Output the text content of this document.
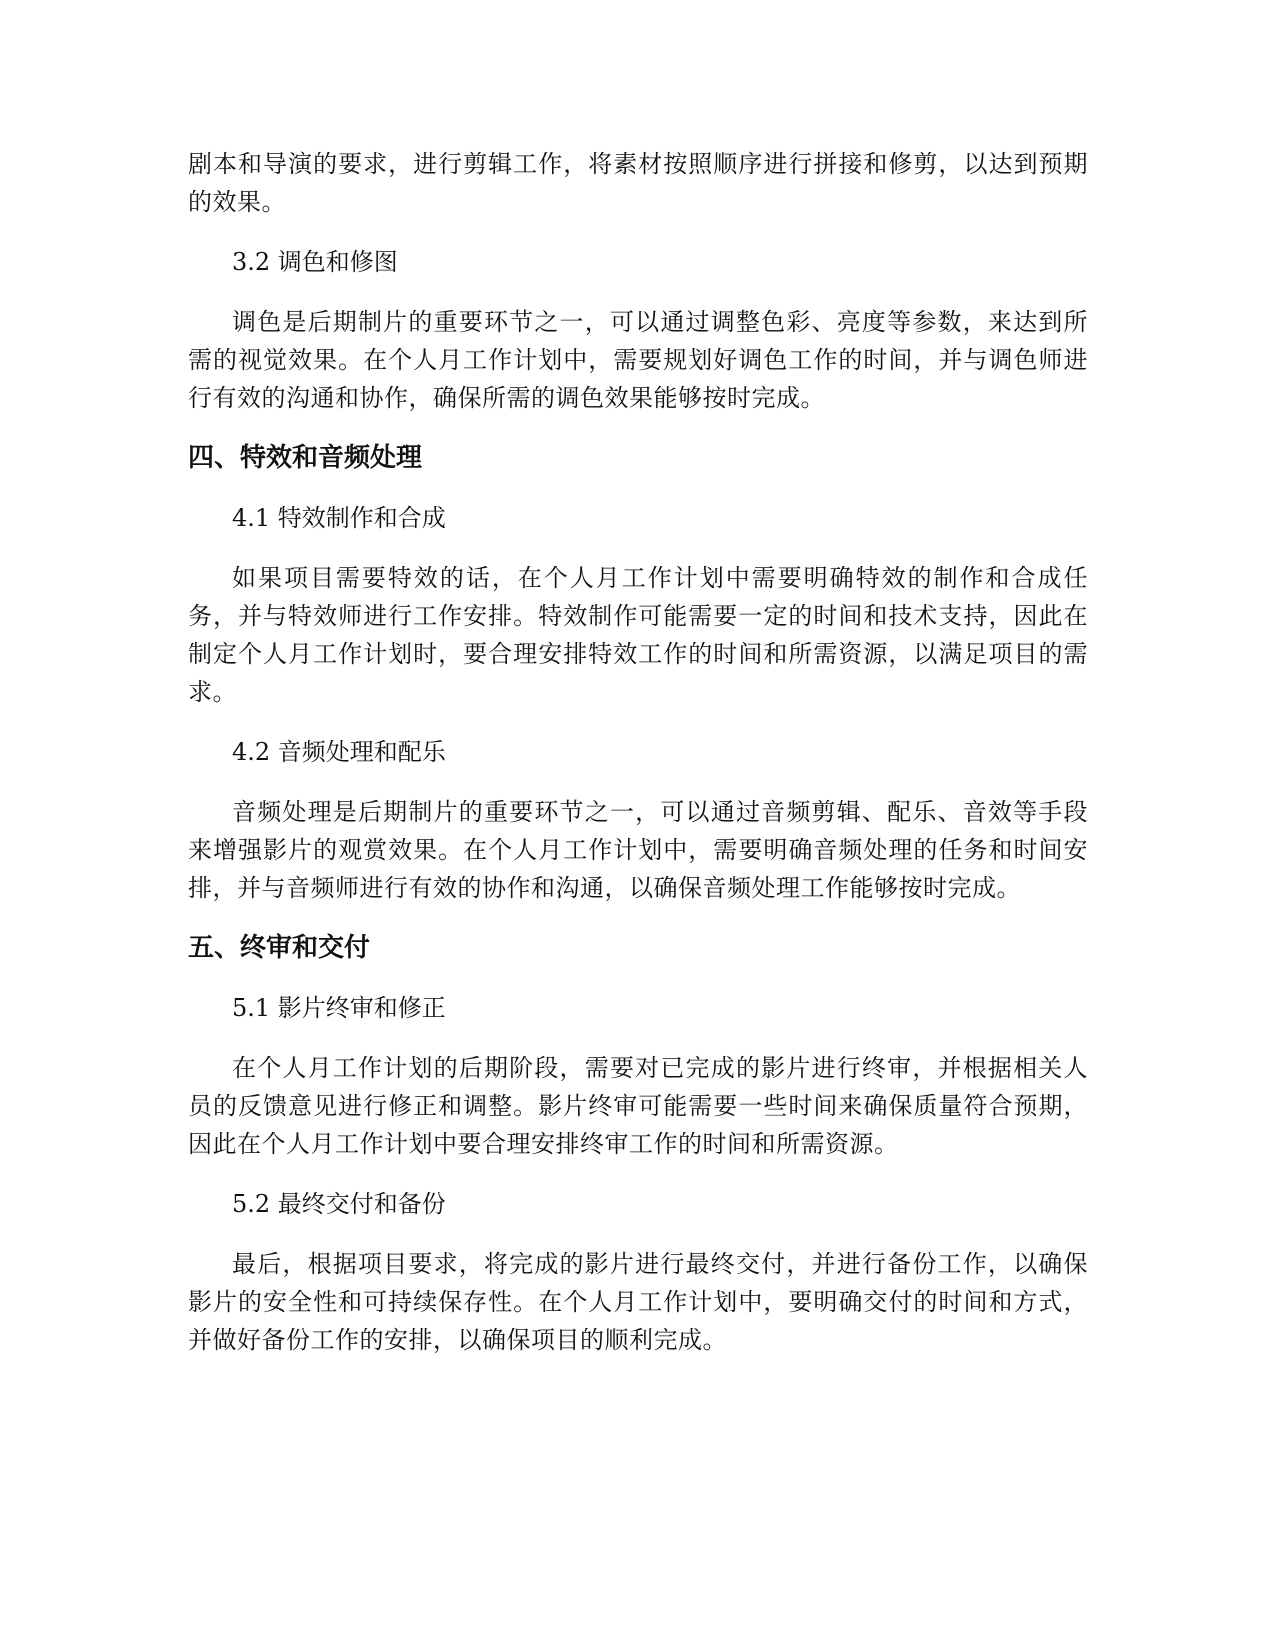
剧本和导演的要求，进行剪辑工作，将素材按照顺序进行拼接和修剪，以达到预期的效果。

3.2 调色和修图

调色是后期制片的重要环节之一，可以通过调整色彩、亮度等参数，来达到所需的视觉效果。在个人月工作计划中，需要规划好调色工作的时间，并与调色师进行有效的沟通和协作，确保所需的调色效果能够按时完成。

四、特效和音频处理
4.1 特效制作和合成

如果项目需要特效的话，在个人月工作计划中需要明确特效的制作和合成任务，并与特效师进行工作安排。特效制作可能需要一定的时间和技术支持，因此在制定个人月工作计划时，要合理安排特效工作的时间和所需资源，以满足项目的需求。

4.2 音频处理和配乐

音频处理是后期制片的重要环节之一，可以通过音频剪辑、配乐、音效等手段来增强影片的观赏效果。在个人月工作计划中，需要明确音频处理的任务和时间安排，并与音频师进行有效的协作和沟通，以确保音频处理工作能够按时完成。

五、终审和交付
5.1 影片终审和修正

在个人月工作计划的后期阶段，需要对已完成的影片进行终审，并根据相关人员的反馈意见进行修正和调整。影片终审可能需要一些时间来确保质量符合预期，因此在个人月工作计划中要合理安排终审工作的时间和所需资源。

5.2 最终交付和备份

最后，根据项目要求，将完成的影片进行最终交付，并进行备份工作，以确保影片的安全性和可持续保存性。在个人月工作计划中，要明确交付的时间和方式，并做好备份工作的安排，以确保项目的顺利完成。
